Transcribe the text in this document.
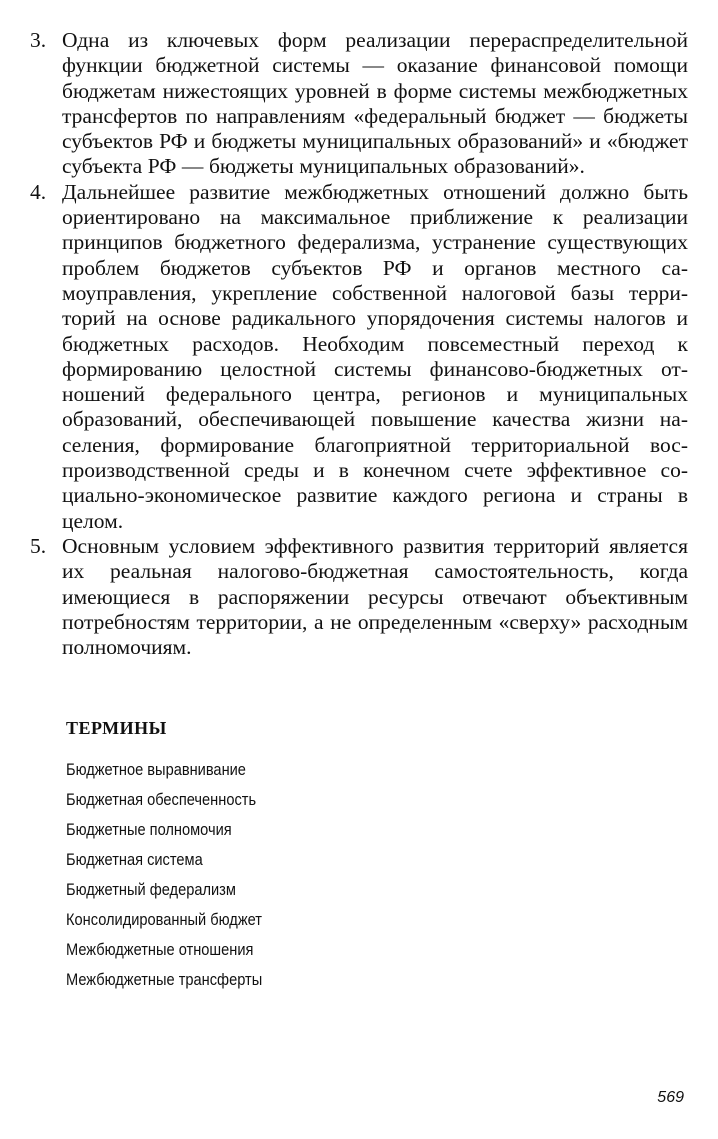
3. Одна из ключевых форм реализации перераспределительной функции бюджетной системы — оказание финансовой помощи бюджетам нижестоящих уровней в форме системы межбюджетных трансфертов по направлениям «федеральный бюджет — бюджеты субъектов РФ и бюджеты муниципальных образований» и «бюджет субъекта РФ — бюджеты муниципальных образований».
4. Дальнейшее развитие межбюджетных отношений должно быть ориентировано на максимальное приближение к реализации принципов бюджетного федерализма, устранение существующих проблем бюджетов субъектов РФ и органов местного самоуправления, укрепление собственной налоговой базы территорий на основе радикального упорядочения системы налогов и бюджетных расходов. Необходим повсеместный переход к формированию целостной системы финансово-бюджетных отношений федерального центра, регионов и муниципальных образований, обеспечивающей повышение качества жизни населения, формирование благоприятной территориальной воспроизводственной среды и в конечном счете эффективное социально-экономическое развитие каждого региона и страны в целом.
5. Основным условием эффективного развития территорий является их реальная налогово-бюджетная самостоятельность, когда имеющиеся в распоряжении ресурсы отвечают объективным потребностям территории, а не определенным «сверху» расходным полномочиям.
ТЕРМИНЫ
Бюджетное выравнивание
Бюджетная обеспеченность
Бюджетные полномочия
Бюджетная система
Бюджетный федерализм
Консолидированный бюджет
Межбюджетные отношения
Межбюджетные трансферты
569
